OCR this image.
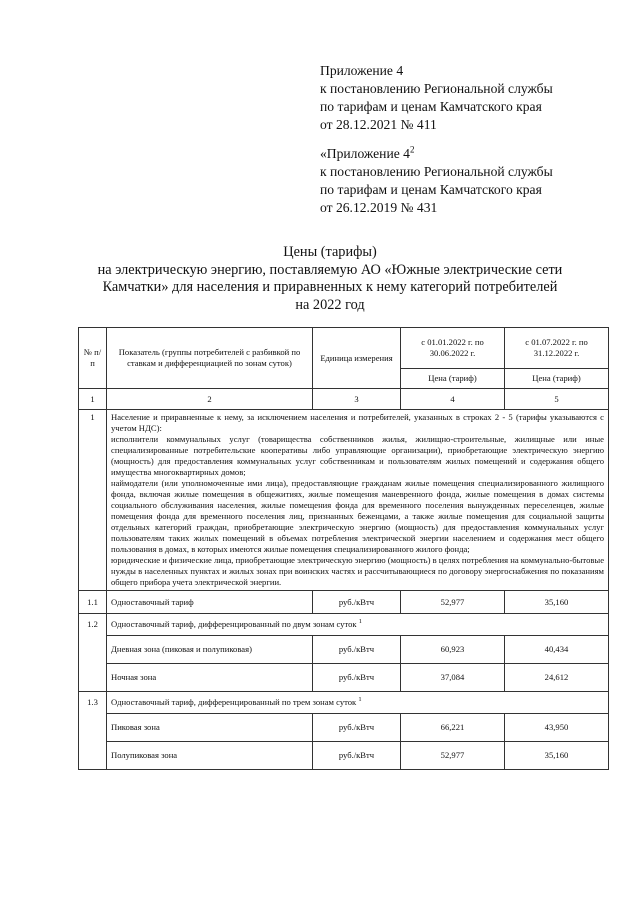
Приложение 4
к постановлению Региональной службы
по тарифам и ценам Камчатского края
от 28.12.2021 № 411
«Приложение $4^2$
к постановлению Региональной службы
по тарифам и ценам Камчатского края
от 26.12.2019 № 431
Цены (тарифы)
на электрическую энергию, поставляемую АО «Южные электрические сети
Камчатки» для населения и приравненных к нему категорий потребителей
на 2022 год
№ п/п	Показатель (группы потребителей с разбивкой по ставкам и дифференциацией по зонам суток)	Единица измерения	с 01.01.2022 г. по 30.06.2022 г.	с 01.07.2022 г. по 31.12.2022 г.
			Цена (тариф)	Цена (тариф)
1	2	3	4	5
1	Население и приравненные к нему, за исключением населения и потребителей, указанных в строках 2 - 5 (тарифы указываются с учетом НДС):
исполнители коммунальных услуг (товарищества собственников жилья, жилищно-строительные, жилищные или иные специализированные потребительские кооперативы либо управляющие организации), приобретающие электрическую энергию (мощность) для предоставления коммунальных услуг собственникам и пользователям жилых помещений и содержания общего имущества многоквартирных домов;
наймодатели (или уполномоченные ими лица), предоставляющие гражданам жилые помещения специализированного жилищного фонда, включая жилые помещения в общежитиях, жилые помещения маневренного фонда, жилые помещения в домах системы социального обслуживания населения, жилые помещения фонда для временного поселения вынужденных переселенцев, жилые помещения фонда для временного поселения лиц, признанных беженцами, а также жилые помещения для социальной защиты отдельных категорий граждан, приобретающие электрическую энергию (мощность) для предоставления коммунальных услуг пользователям таких жилых помещений в объемах потребления электрической энергии населением и содержания мест общего пользования в домах, в которых имеются жилые помещения специализированного жилого фонда;
юридические и физические лица, приобретающие электрическую энергию (мощность) в целях потребления на коммунально-бытовые нужды в населенных пунктах и жилых зонах при воинских частях и рассчитывающиеся по договору энергоснабжения по показаниям общего прибора учета электрической энергии.			

1.1	Одноставочный тариф	руб./кВтч	52,977	35,160
1.2	Одноставочный тариф, дифференцированный по двум зонам суток $^1$
	Дневная зона (пиковая и полупиковая)	руб./кВтч	60,923	40,434
	Ночная зона	руб./кВтч	37,084	24,612
1.3	Одноставочный тариф, дифференцированный по трем зонам суток $^1$
	Пиковая зона	руб./кВтч	66,221	43,950
	Полупиковая зона	руб./кВтч	52,977	35,160
